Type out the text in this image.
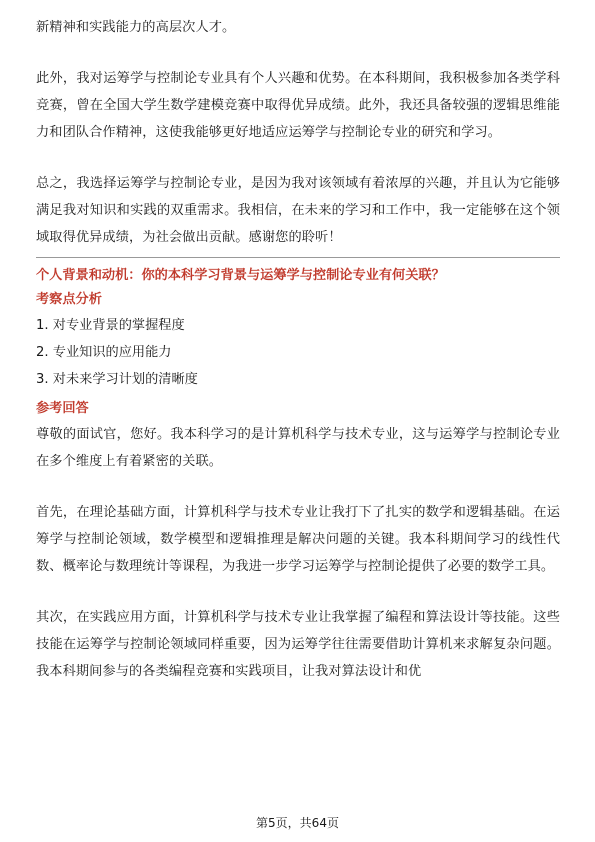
新精神和实践能力的高层次人才。

此外，我对运筹学与控制论专业具有个人兴趣和优势。在本科期间，我积极参加各类学科竞赛，曾在全国大学生数学建模竞赛中取得优异成绩。此外，我还具备较强的逻辑思维能力和团队合作精神，这使我能够更好地适应运筹学与控制论专业的研究和学习。

总之，我选择运筹学与控制论专业，是因为我对该领域有着浓厚的兴趣，并且认为它能够满足我对知识和实践的双重需求。我相信，在未来的学习和工作中，我一定能够在这个领域取得优异成绩，为社会做出贡献。感谢您的聆听！

个人背景和动机：你的本科学习背景与运筹学与控制论专业有何关联？

考察点分析

1. 对专业背景的掌握程度
2. 专业知识的应用能力
3. 对未来学习计划的清晰度

参考回答

尊敬的面试官，您好。我本科学习的是计算机科学与技术专业，这与运筹学与控制论专业在多个维度上有着紧密的关联。

首先，在理论基础方面，计算机科学与技术专业让我打下了扎实的数学和逻辑基础。在运筹学与控制论领域，数学模型和逻辑推理是解决问题的关键。我本科期间学习的线性代数、概率论与数理统计等课程，为我进一步学习运筹学与控制论提供了必要的数学工具。

其次，在实践应用方面，计算机科学与技术专业让我掌握了编程和算法设计等技能。这些技能在运筹学与控制论领域同样重要，因为运筹学往往需要借助计算机来求解复杂问题。我本科期间参与的各类编程竞赛和实践项目，让我对算法设计和优

第5页，共64页
